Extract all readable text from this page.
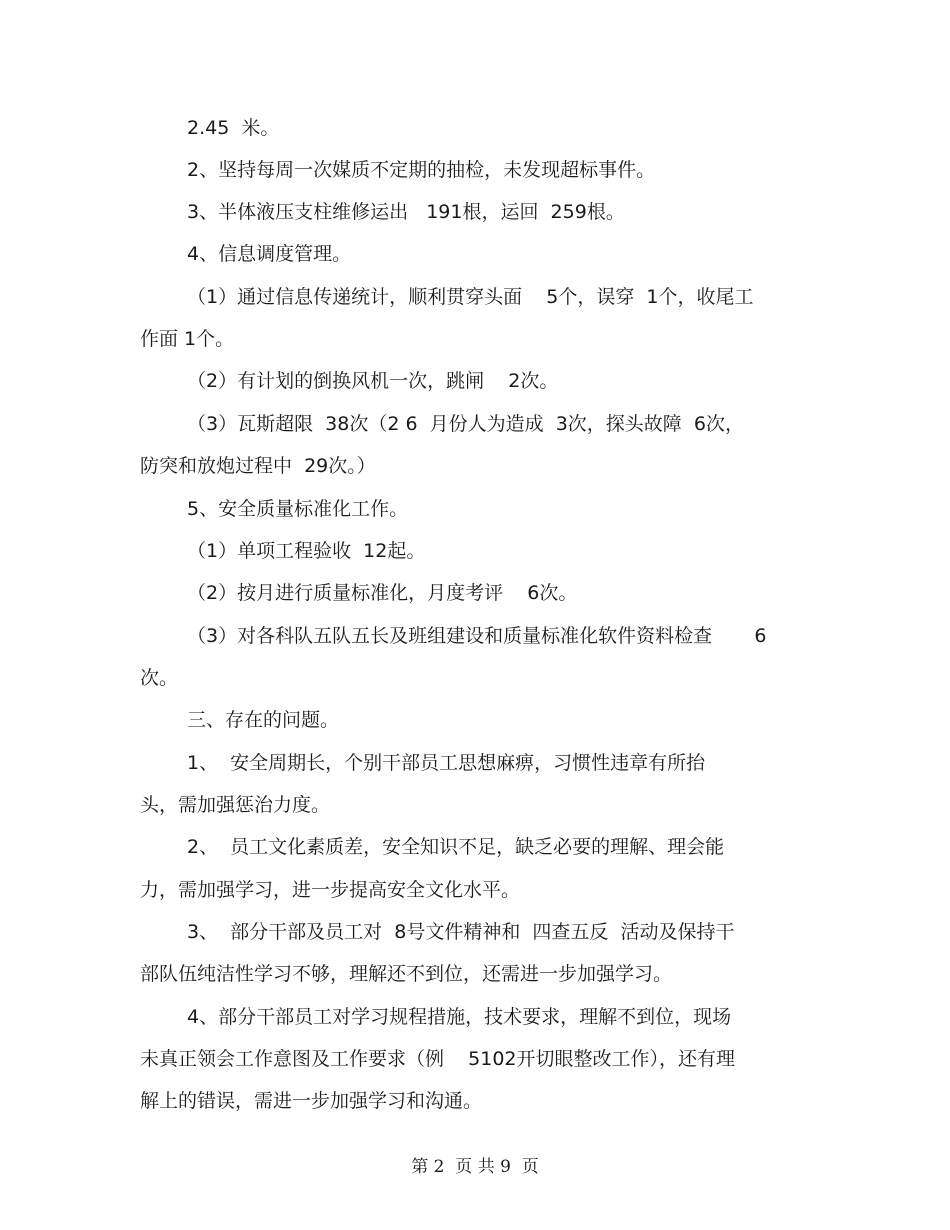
2.45  米。
2、坚持每周一次媒质不定期的抽检，未发现超标事件。
3、半体液压支柱维修运出   191根，运回  259根。
4、信息调度管理。
（1）通过信息传递统计，顺利贯穿头面    5个，误穿  1个，收尾工
作面 1个。
（2）有计划的倒换风机一次，跳闸    2次。
（3）瓦斯超限  38次（2 6  月份人为造成  3次，探头故障  6次，
防突和放炮过程中  29次。）
5、安全质量标准化工作。
（1）单项工程验收  12起。
（2）按月进行质量标准化，月度考评    6次。
（3）对各科队五队五长及班组建设和质量标准化软件资料检查       6
次。
三、存在的问题。
1、  安全周期长，个别干部员工思想麻痹，习惯性违章有所抬
头，需加强惩治力度。
2、  员工文化素质差，安全知识不足，缺乏必要的理解、理会能
力，需加强学习，进一步提高安全文化水平。
3、  部分干部及员工对  8号文件精神和  四查五反  活动及保持干
部队伍纯洁性学习不够，理解还不到位，还需进一步加强学习。
4、部分干部员工对学习规程措施，技术要求，理解不到位，现场
未真正领会工作意图及工作要求（例    5102开切眼整改工作），还有理
解上的错误，需进一步加强学习和沟通。
第 2  页 共 9  页
